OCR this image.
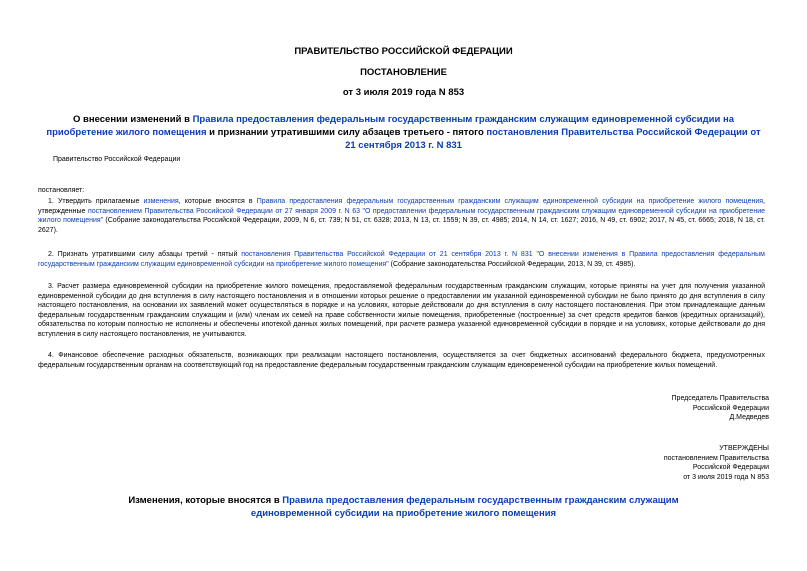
ПРАВИТЕЛЬСТВО РОССИЙСКОЙ ФЕДЕРАЦИИ
ПОСТАНОВЛЕНИЕ
от 3 июля 2019 года N 853
О внесении изменений в Правила предоставления федеральным государственным гражданским служащим единовременной субсидии на приобретение жилого помещения и признании утратившими силу абзацев третьего - пятого постановления Правительства Российской Федерации от 21 сентября 2013 г. N 831
Правительство Российской Федерации
постановляет:
1. Утвердить прилагаемые изменения, которые вносятся в Правила предоставления федеральным государственным гражданским служащим единовременной субсидии на приобретение жилого помещения, утвержденные постановлением Правительства Российской Федерации от 27 января 2009 г. N 63 "О предоставлении федеральным государственным гражданским служащим единовременной субсидии на приобретение жилого помещения" (Собрание законодательства Российской Федерации, 2009, N 6, ст. 739; N 51, ст. 6328; 2013, N 13, ст. 1559; N 39, ст. 4985; 2014, N 14, ст. 1627; 2016, N 49, ст. 6902; 2017, N 45, ст. 6665; 2018, N 18, ст. 2627).
2. Признать утратившими силу абзацы третий - пятый постановления Правительства Российской Федерации от 21 сентября 2013 г. N 831 "О внесении изменения в Правила предоставления федеральным государственным гражданским служащим единовременной субсидии на приобретение жилого помещения" (Собрание законодательства Российской Федерации, 2013, N 39, ст. 4985).
3. Расчет размера единовременной субсидии на приобретение жилого помещения, предоставляемой федеральным государственным гражданским служащим, которые приняты на учет для получения указанной единовременной субсидии до дня вступления в силу настоящего постановления и в отношении которых решение о предоставлении им указанной единовременной субсидии не было принято до дня вступления в силу настоящего постановления, на основании их заявлений может осуществляться в порядке и на условиях, которые действовали до дня вступления в силу настоящего постановления. При этом принадлежащие данным федеральным государственным гражданским служащим и (или) членам их семей на праве собственности жилые помещения, приобретенные (построенные) за счет средств кредитов банков (кредитных организаций), обязательства по которым полностью не исполнены и обеспечены ипотекой данных жилых помещений, при расчете размера указанной единовременной субсидии в порядке и на условиях, которые действовали до дня вступления в силу настоящего постановления, не учитываются.
4. Финансовое обеспечение расходных обязательств, возникающих при реализации настоящего постановления, осуществляется за счет бюджетных ассигнований федерального бюджета, предусмотренных федеральным государственным органам на соответствующий год на предоставление федеральным государственным гражданским служащим единовременной субсидии на приобретение жилых помещений.
Председатель Правительства
Российской Федерации
Д.Медведев
УТВЕРЖДЕНЫ
постановлением Правительства
Российской Федерации
от 3 июля 2019 года N 853
Изменения, которые вносятся в Правила предоставления федеральным государственным гражданским служащим единовременной субсидии на приобретение жилого помещения
